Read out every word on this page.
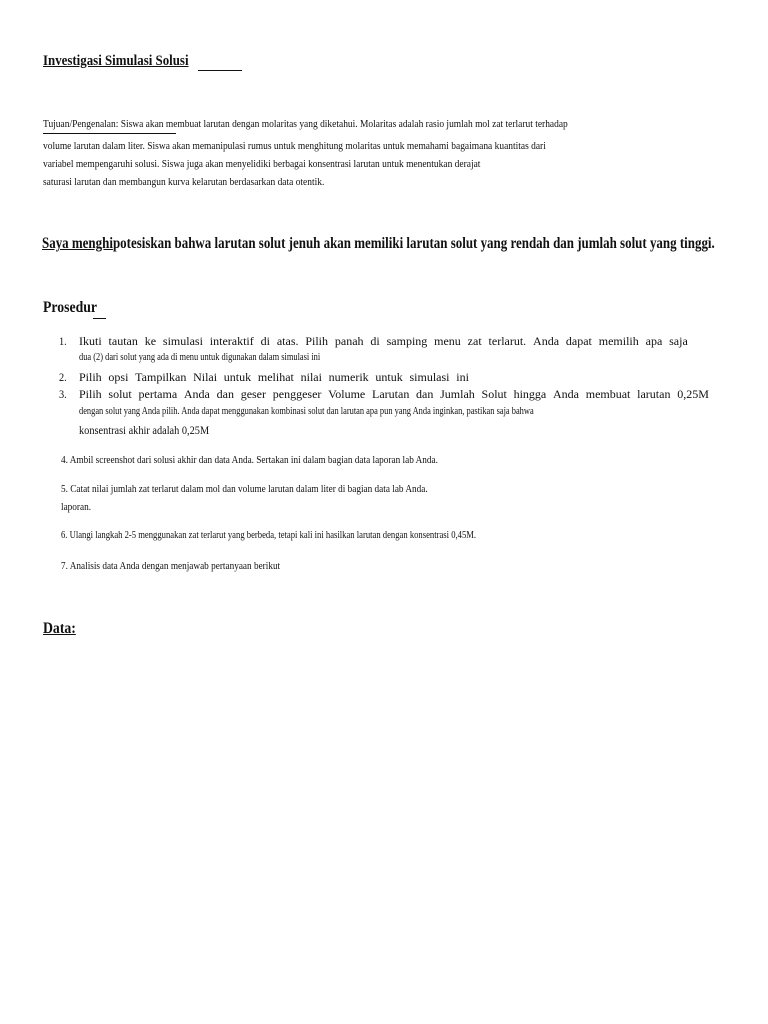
Investigasi Simulasi Solusi
Tujuan/Pengenalan: Siswa akan membuat larutan dengan molaritas yang diketahui. Molaritas adalah rasio jumlah mol zat terlarut terhadap
volume larutan dalam liter. Siswa akan memanipulasi rumus untuk menghitung molaritas untuk memahami bagaimana kuantitas dari
variabel mempengaruhi solusi. Siswa juga akan menyelidiki berbagai konsentrasi larutan untuk menentukan derajat
saturasi larutan dan membangun kurva kelarutan berdasarkan data otentik.
Saya menghipotesiskan bahwa larutan solut jenuh akan memiliki larutan solut yang rendah dan jumlah solut yang tinggi.
Prosedur
1. Ikuti tautan ke simulasi interaktif di atas. Pilih panah di samping menu zat terlarut. Anda dapat memilih apa saja
dua (2) dari solut yang ada di menu untuk digunakan dalam simulasi ini
2. Pilih opsi Tampilkan Nilai untuk melihat nilai numerik untuk simulasi ini
3. Pilih solut pertama Anda dan geser penggeser Volume Larutan dan Jumlah Solut hingga Anda membuat larutan 0,25M
dengan solut yang Anda pilih. Anda dapat menggunakan kombinasi solut dan larutan apa pun yang Anda inginkan, pastikan saja bahwa
konsentrasi akhir adalah 0,25M
4. Ambil screenshot dari solusi akhir dan data Anda. Sertakan ini dalam bagian data laporan lab Anda.
5. Catat nilai jumlah zat terlarut dalam mol dan volume larutan dalam liter di bagian data lab Anda.
laporan.
6. Ulangi langkah 2-5 menggunakan zat terlarut yang berbeda, tetapi kali ini hasilkan larutan dengan konsentrasi 0,45M.
7. Analisis data Anda dengan menjawab pertanyaan berikut
Data:
